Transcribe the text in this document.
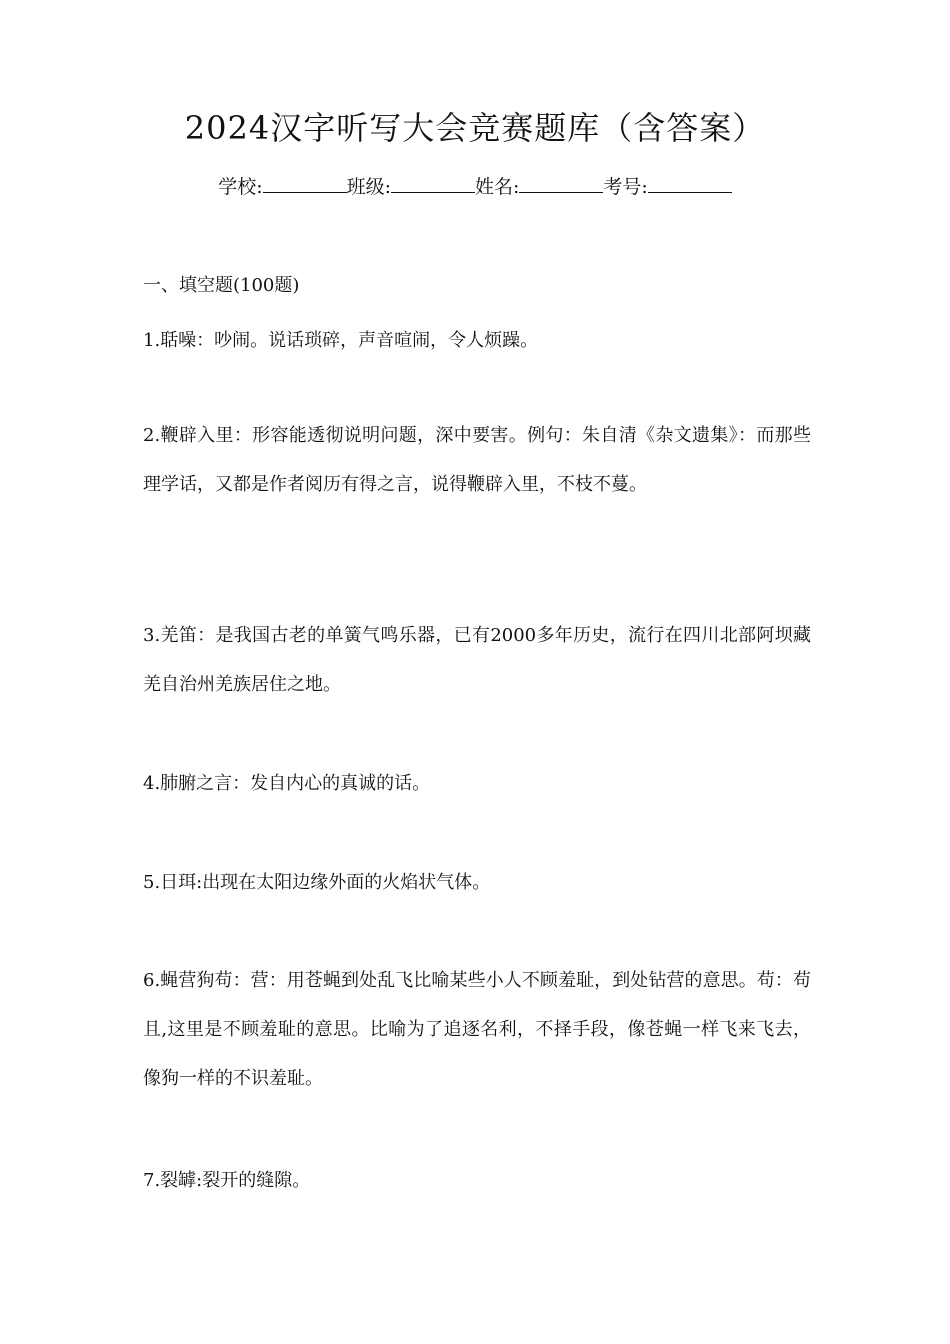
2024汉字听写大会竞赛题库（含答案）
学校:	班级:	姓名:	考号:
一、填空题(100题)
1.聒噪：吵闹。说话琐碎，声音喧闹，令人烦躁。
2.鞭辟入里：形容能透彻说明问题，深中要害。例句：朱自清《杂文遗集》：而那些理学话，又都是作者阅历有得之言，说得鞭辟入里，不枝不蔓。
3.羌笛：是我国古老的单簧气鸣乐器，已有2000多年历史，流行在四川北部阿坝藏羌自治州羌族居住之地。
4.肺腑之言：发自内心的真诚的话。
5.日珥:出现在太阳边缘外面的火焰状气体。
6.蝇营狗苟：营：用苍蝇到处乱飞比喻某些小人不顾羞耻，到处钻营的意思。苟：苟且,这里是不顾羞耻的意思。比喻为了追逐名利，不择手段，像苍蝇一样飞来飞去，像狗一样的不识羞耻。
7.裂罅:裂开的缝隙。
